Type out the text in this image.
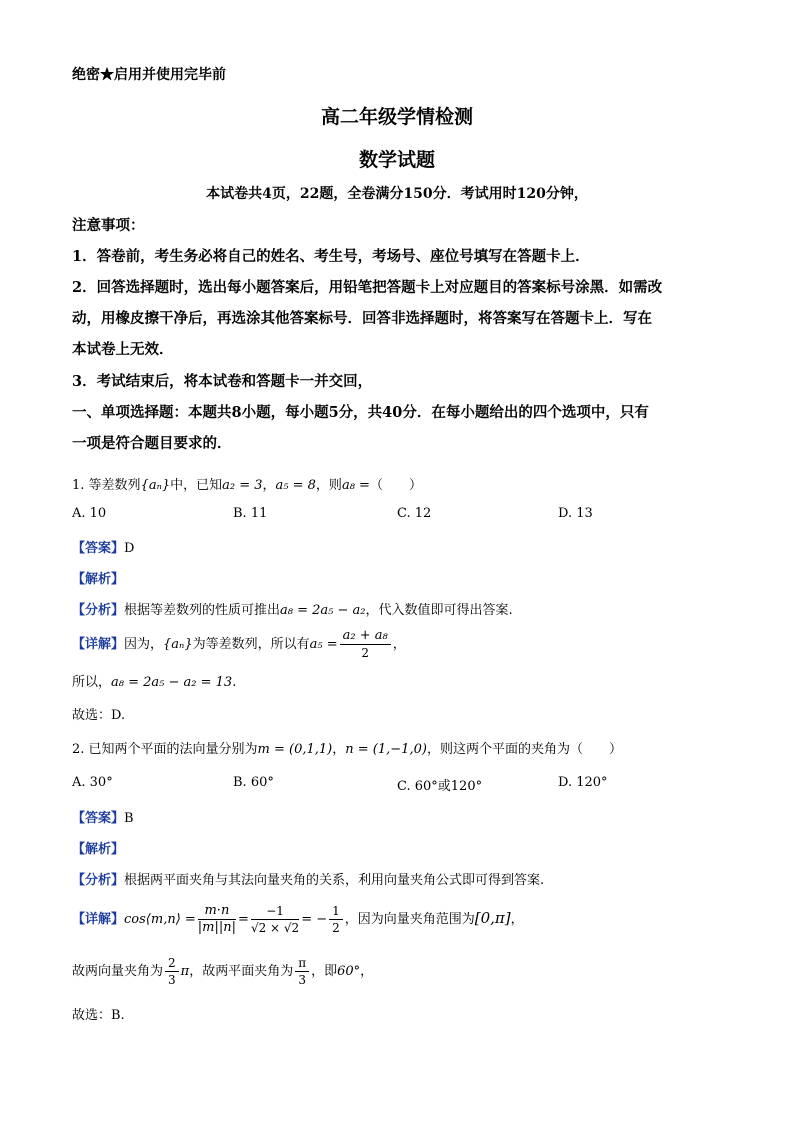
绝密★启用并使用完毕前
高二年级学情检测
数学试题
本试卷共4页，22题，全卷满分150分．考试用时120分钟，
注意事项：
1．答卷前，考生务必将自己的姓名、考生号，考场号、座位号填写在答题卡上．
2．回答选择题时，选出每小题答案后，用铅笔把答题卡上对应题目的答案标号涂黑．如需改
动，用橡皮擦干净后，再选涂其他答案标号．回答非选择题时，将答案写在答题卡上．写在
本试卷上无效．
3．考试结束后，将本试卷和答题卡一并交回，
一、单项选择题：本题共8小题，每小题5分，共40分．在每小题给出的四个选项中，只有
一项是符合题目要求的．
1. 等差数列{aₙ}中，已知a₂ = 3，a₅ = 8，则a₈ =（　　）
A. 10	B. 11	C. 12	D. 13
【答案】D
【解析】
【分析】根据等差数列的性质可推出a₈ = 2a₅ − a₂，代入数值即可得出答案.
【详解】因为，{aₙ}为等差数列，所以有$a_5 = \frac{\text{a₂ + a₈}}{2}$ ，
所以，a₈ = 2a₅ − a₂ = 13.
故选：D.
2. 已知两个平面的法向量分别为m = (0,1,1)，n = (1,−1,0)，则这两个平面的夹角为（　　）
A. 30°	B. 60°	C. 60°或120°	D. 120°
【答案】B
【解析】
【分析】根据两平面夹角与其法向量夹角的关系，利用向量夹角公式即可得到答案.
【详解】cos⟨m,n⟩ = $\frac{m\cdot n}{|m||n|} = \frac{-1}{√2 \times √2}$ = − $\frac{1}{2}$ ，因为向量夹角范围为[0,π]，
故两向量夹角为 $\frac{2}{3}$ π，故两平面夹角为 $\frac{\pi}{3}$ ，即60°，
故选：B.
